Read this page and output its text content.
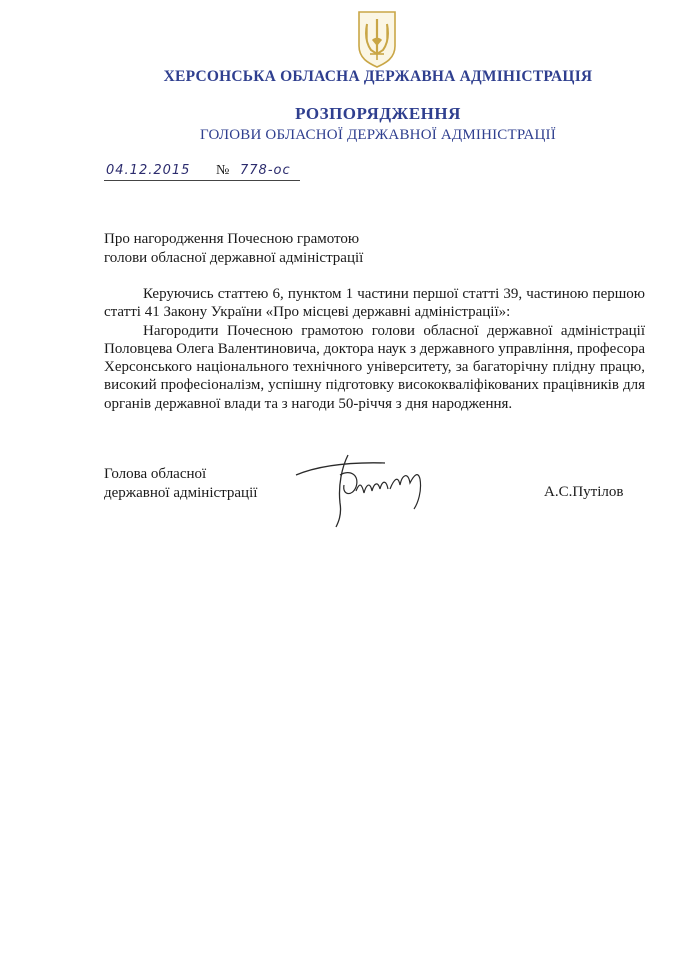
ХЕРСОНСЬКА ОБЛАСНА ДЕРЖАВНА АДМІНІСТРАЦІЯ
РОЗПОРЯДЖЕННЯ
ГОЛОВИ ОБЛАСНОЇ ДЕРЖАВНОЇ АДМІНІСТРАЦІЇ
04.12.2015 № 778-ос
Про нагородження Почесною грамотою
голови обласної державної адміністрації

Керуючись статтею 6, пунктом 1 частини першої статті 39, частиною першою статті 41 Закону України «Про місцеві державні адміністрації»:

Нагородити Почесною грамотою голови обласної державної адміністрації Половцева Олега Валентиновича, доктора наук з державного управління, професора Херсонського національного технічного університету, за багаторічну плідну працю, високий професіоналізм, успішну підготовку висококваліфікованих працівників для органів державної влади та з нагоди 50-річчя з дня народження.

Голова обласної
державної адміністрації	А.С.Путілов
